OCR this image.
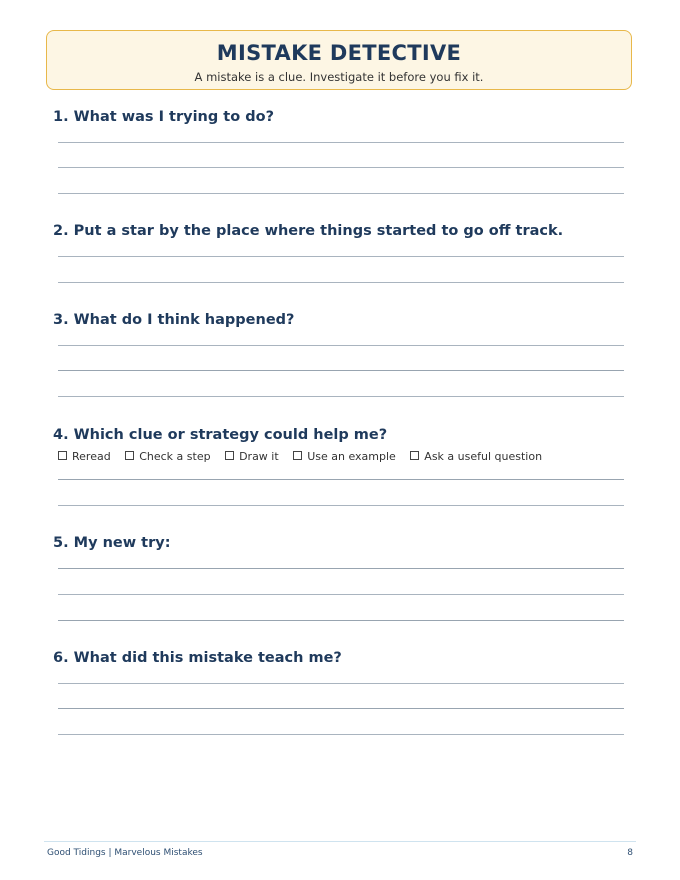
MISTAKE DETECTIVE
A mistake is a clue. Investigate it before you fix it.
1. What was I trying to do?
2. Put a star by the place where things started to go off track.
3. What do I think happened?
4. Which clue or strategy could help me?
Reread	Check a step	Draw it	Use an example	Ask a useful question
5. My new try:
6. What did this mistake teach me?
Good Tidings | Marvelous Mistakes	8
